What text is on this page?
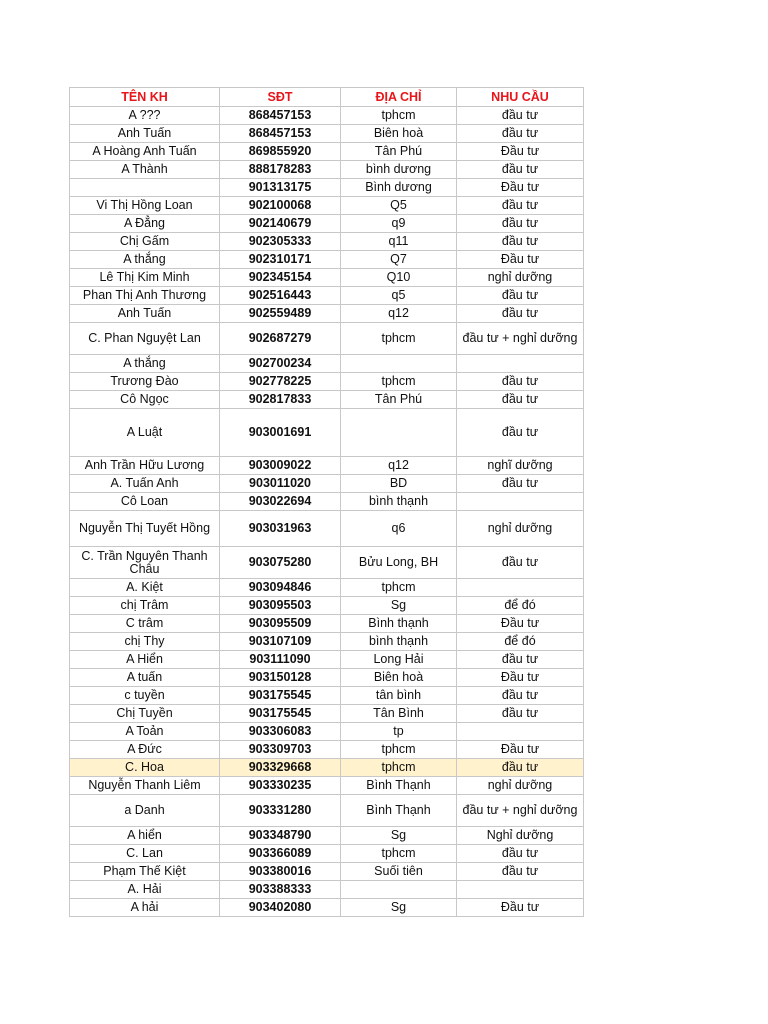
TÊN KH	SĐT	ĐỊA CHỈ	NHU CẦU
A ???	868457153	tphcm	đầu tư
Anh Tuấn	868457153	Biên hoà	đầu tư
A Hoàng Anh Tuấn	869855920	Tân Phú	Đầu tư
A Thành	888178283	bình dương	đầu tư
	901313175	Bình dương	Đầu tư
Vi Thị Hồng Loan	902100068	Q5	đầu tư
A Đẳng	902140679	q9	đầu tư
Chị Gấm	902305333	q11	đầu tư
A thắng	902310171	Q7	Đầu tư
Lê Thị Kim Minh	902345154	Q10	nghỉ dưỡng
Phan Thị Anh Thương	902516443	q5	đầu tư
Anh Tuấn	902559489	q12	đầu tư
C. Phan Nguyệt Lan	902687279	tphcm	đầu tư + nghỉ dưỡng
A thắng	902700234		
Trương Đào	902778225	tphcm	đầu tư
Cô Ngọc	902817833	Tân Phú	đầu tư
A Luật	903001691		đầu tư
Anh Trần Hữu Lương	903009022	q12	nghĩ dưỡng
A. Tuấn Anh	903011020	BD	đầu tư
Cô Loan	903022694	bình thạnh	
Nguyễn Thị Tuyết Hồng	903031963	q6	nghỉ dưỡng
C. Trần Nguyên Thanh Châu	903075280	Bửu Long, BH	đầu tư
A. Kiệt	903094846	tphcm	
chị Trâm	903095503	Sg	để đó
C trâm	903095509	Bình thạnh	Đầu tư
chị Thy	903107109	bình thạnh	để đó
A Hiển	903111090	Long Hải	đầu tư
A tuấn	903150128	Biên hoà	Đầu tư
c tuyền	903175545	tân bình	đầu tư
Chị Tuyền	903175545	Tân Bình	đầu tư
A Toản	903306083	tp	
A Đức	903309703	tphcm	Đầu tư
C. Hoa	903329668	tphcm	đầu tư
Nguyễn Thanh Liêm	903330235	Bình Thạnh	nghỉ dưỡng
a Danh	903331280	Bình Thạnh	đầu tư + nghỉ dưỡng
A hiển	903348790	Sg	Nghỉ dưỡng
C. Lan	903366089	tphcm	đầu tư
Phạm Thế Kiệt	903380016	Suối tiên	đầu tư
A. Hải	903388333		
A hải	903402080	Sg	Đầu tư
